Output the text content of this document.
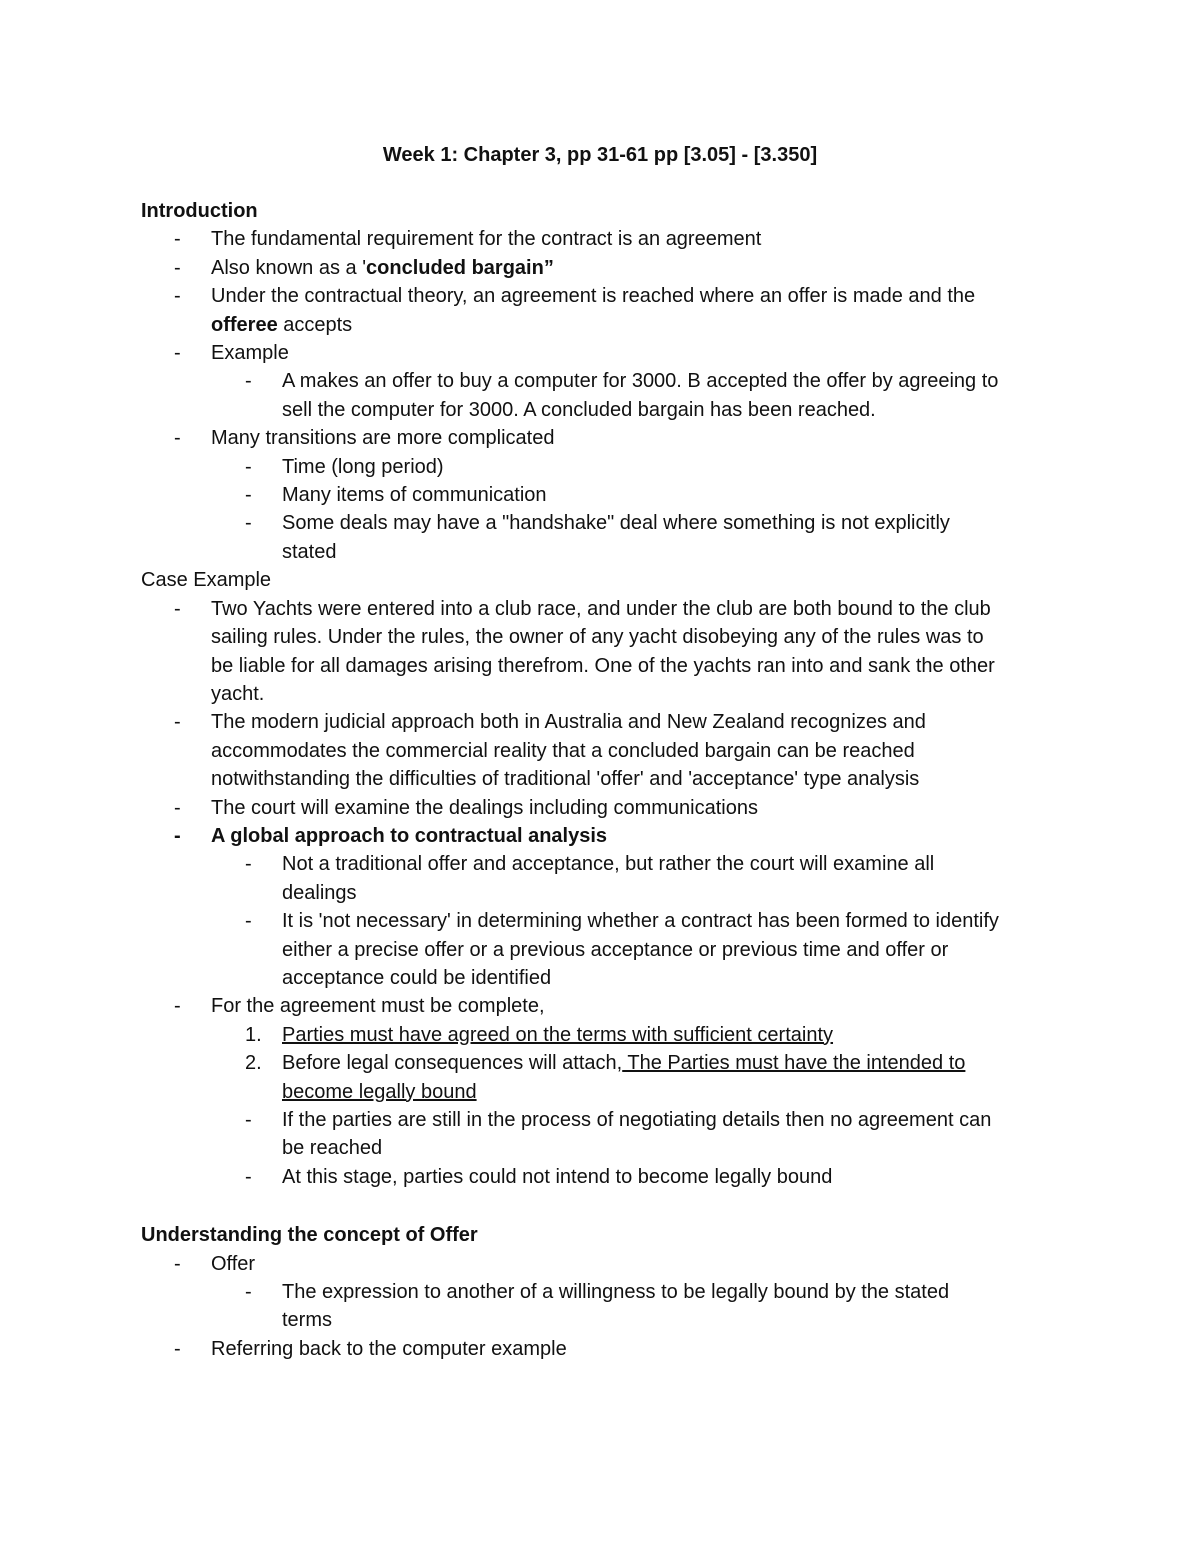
Week 1: Chapter 3, pp 31-61 pp [3.05] - [3.350]
Introduction
- The fundamental requirement for the contract is an agreement
- Also known as a 'concluded bargain”
- Under the contractual theory, an agreement is reached where an offer is made and the
offeree accepts
- Example
- A makes an offer to buy a computer for 3000. B accepted the offer by agreeing to
sell the computer for 3000. A concluded bargain has been reached.
- Many transitions are more complicated
- Time (long period)
- Many items of communication
- Some deals may have a "handshake" deal where something is not explicitly
stated
Case Example
- Two Yachts were entered into a club race, and under the club are both bound to the club
sailing rules. Under the rules, the owner of any yacht disobeying any of the rules was to
be liable for all damages arising therefrom. One of the yachts ran into and sank the other
yacht.
- The modern judicial approach both in Australia and New Zealand recognizes and
accommodates the commercial reality that a concluded bargain can be reached
notwithstanding the difficulties of traditional 'offer' and 'acceptance' type analysis
- The court will examine the dealings including communications
- A global approach to contractual analysis
- Not a traditional offer and acceptance, but rather the court will examine all
dealings
- It is 'not necessary' in determining whether a contract has been formed to identify
either a precise offer or a previous acceptance or previous time and offer or
acceptance could be identified
- For the agreement must be complete,
1. Parties must have agreed on the terms with sufficient certainty
2. Before legal consequences will attach, The Parties must have the intended to
become legally bound
- If the parties are still in the process of negotiating details then no agreement can
be reached
- At this stage, parties could not intend to become legally bound
Understanding the concept of Offer
- Offer
- The expression to another of a willingness to be legally bound by the stated
terms
- Referring back to the computer example
